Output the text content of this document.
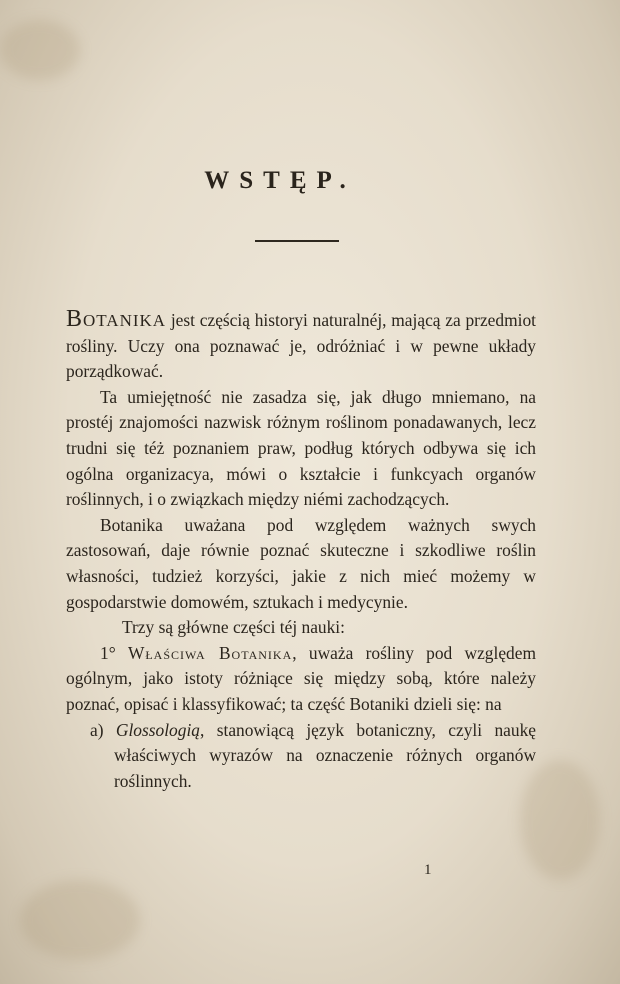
WSTĘP.

Botanika jest częścią historyi naturalnéj, mającą za przedmiot rośliny. Uczy ona poznawać je, odróżniać i w pewne układy porządkować.

Ta umiejętność nie zasadza się, jak długo mniemano, na prostéj znajomości nazwisk różnym roślinom ponadawanych, lecz trudni się téż poznaniem praw, podług których odbywa się ich ogólna organizacya, mówi o kształcie i funkcyach organów roślinnych, i o związkach między niémi zachodzących.

Botanika uważana pod względem ważnych swych zastosowań, daje równie poznać skuteczne i szkodliwe roślin własności, tudzież korzyści, jakie z nich mieć możemy w gospodarstwie domowém, sztukach i medycynie.

Trzy są główne części téj nauki:

1° Właściwa Botanika, uważa rośliny pod względem ogólnym, jako istoty różniące się między sobą, które należy poznać, opisać i klassyfikować; ta część Botaniki dzieli się: na

a) Glossologią, stanowiącą język botaniczny, czyli naukę właściwych wyrazów na oznaczenie różnych organów roślinnych.

1
